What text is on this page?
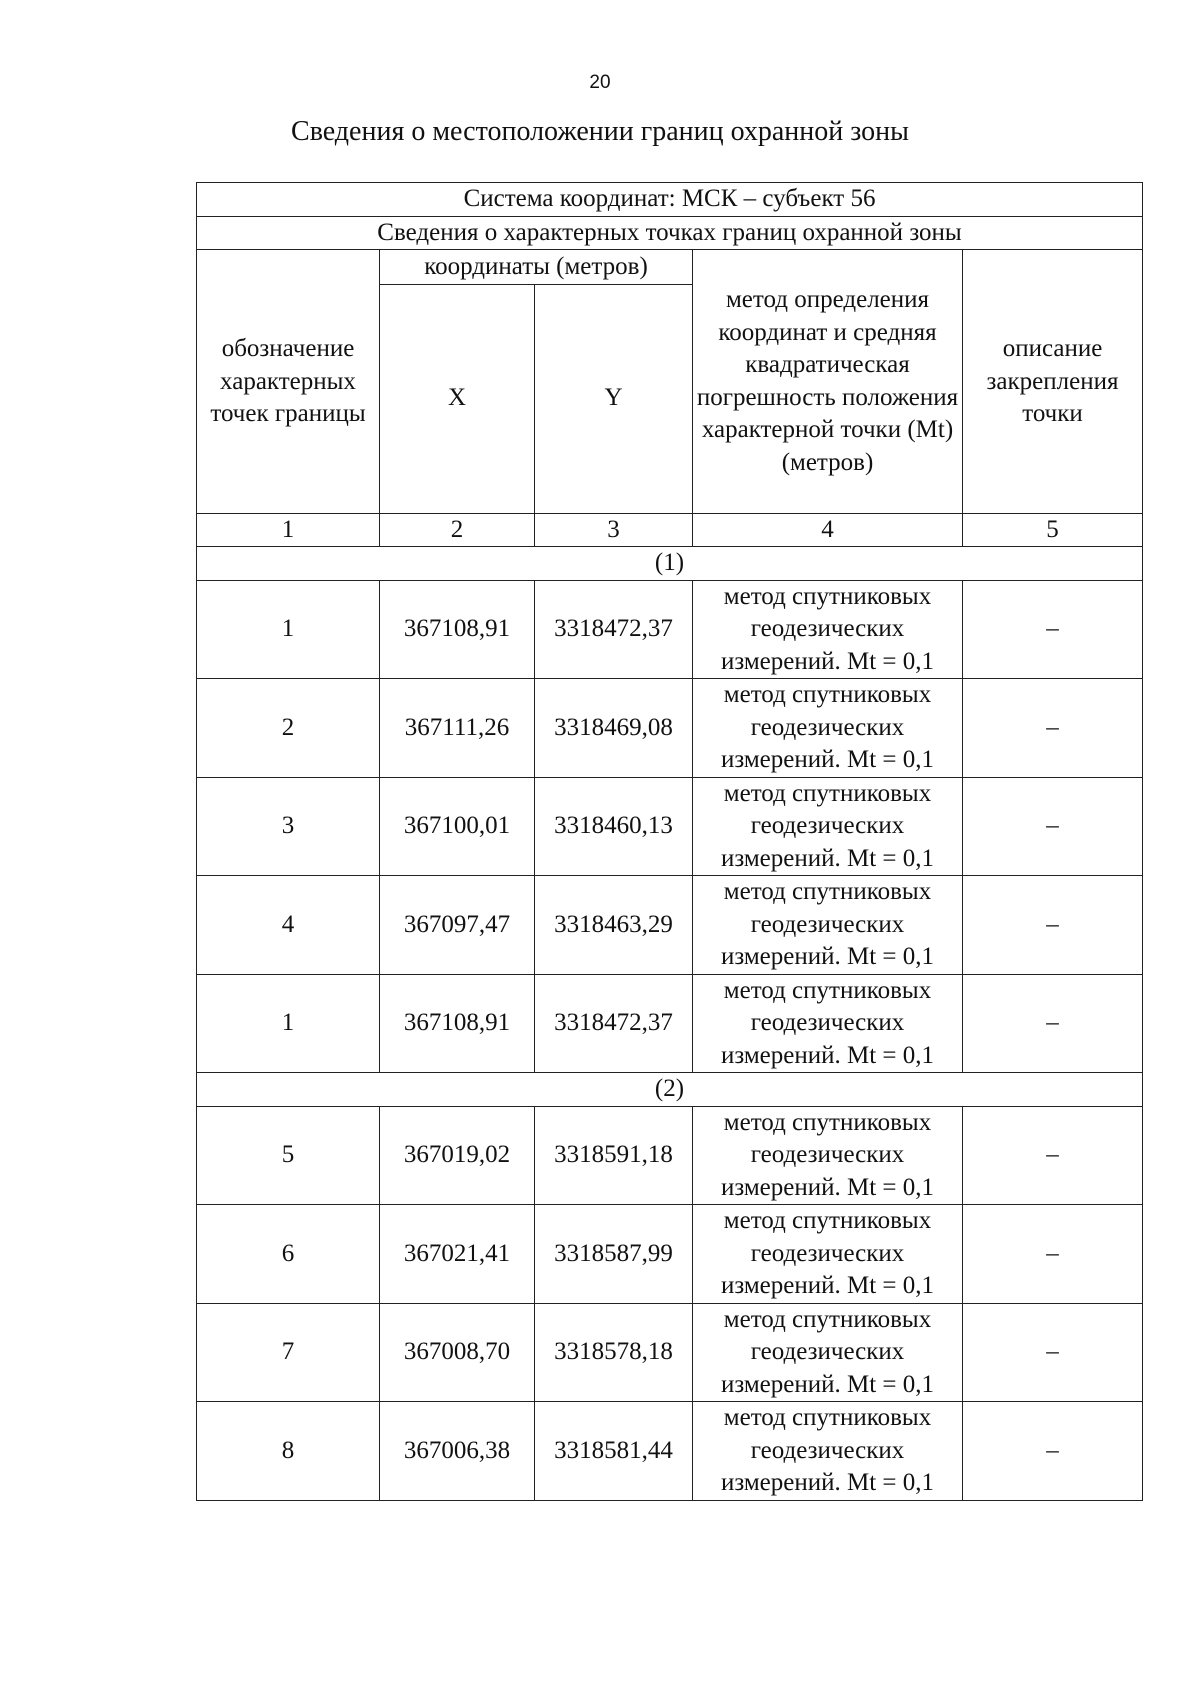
20
Сведения о местоположении границ охранной зоны
Система координат: МСК – субъект 56				
Сведения о характерных точках границ охранной зоны				
обозначение характерных точек границы	координаты (метров)		метод определения координат и средняя квадратическая погрешность положения характерной точки (Mt) (метров)	описание закрепления точки
	X	Y		
1	2	3	4	5
(1)				
1	367108,91	3318472,37	метод спутниковых геодезических измерений. Mt = 0,1	–
2	367111,26	3318469,08	метод спутниковых геодезических измерений. Mt = 0,1	–
3	367100,01	3318460,13	метод спутниковых геодезических измерений. Mt = 0,1	–
4	367097,47	3318463,29	метод спутниковых геодезических измерений. Mt = 0,1	–
1	367108,91	3318472,37	метод спутниковых геодезических измерений. Mt = 0,1	–
(2)				
5	367019,02	3318591,18	метод спутниковых геодезических измерений. Mt = 0,1	–
6	367021,41	3318587,99	метод спутниковых геодезических измерений. Mt = 0,1	–
7	367008,70	3318578,18	метод спутниковых геодезических измерений. Mt = 0,1	–
8	367006,38	3318581,44	метод спутниковых геодезических измерений. Mt = 0,1	–
